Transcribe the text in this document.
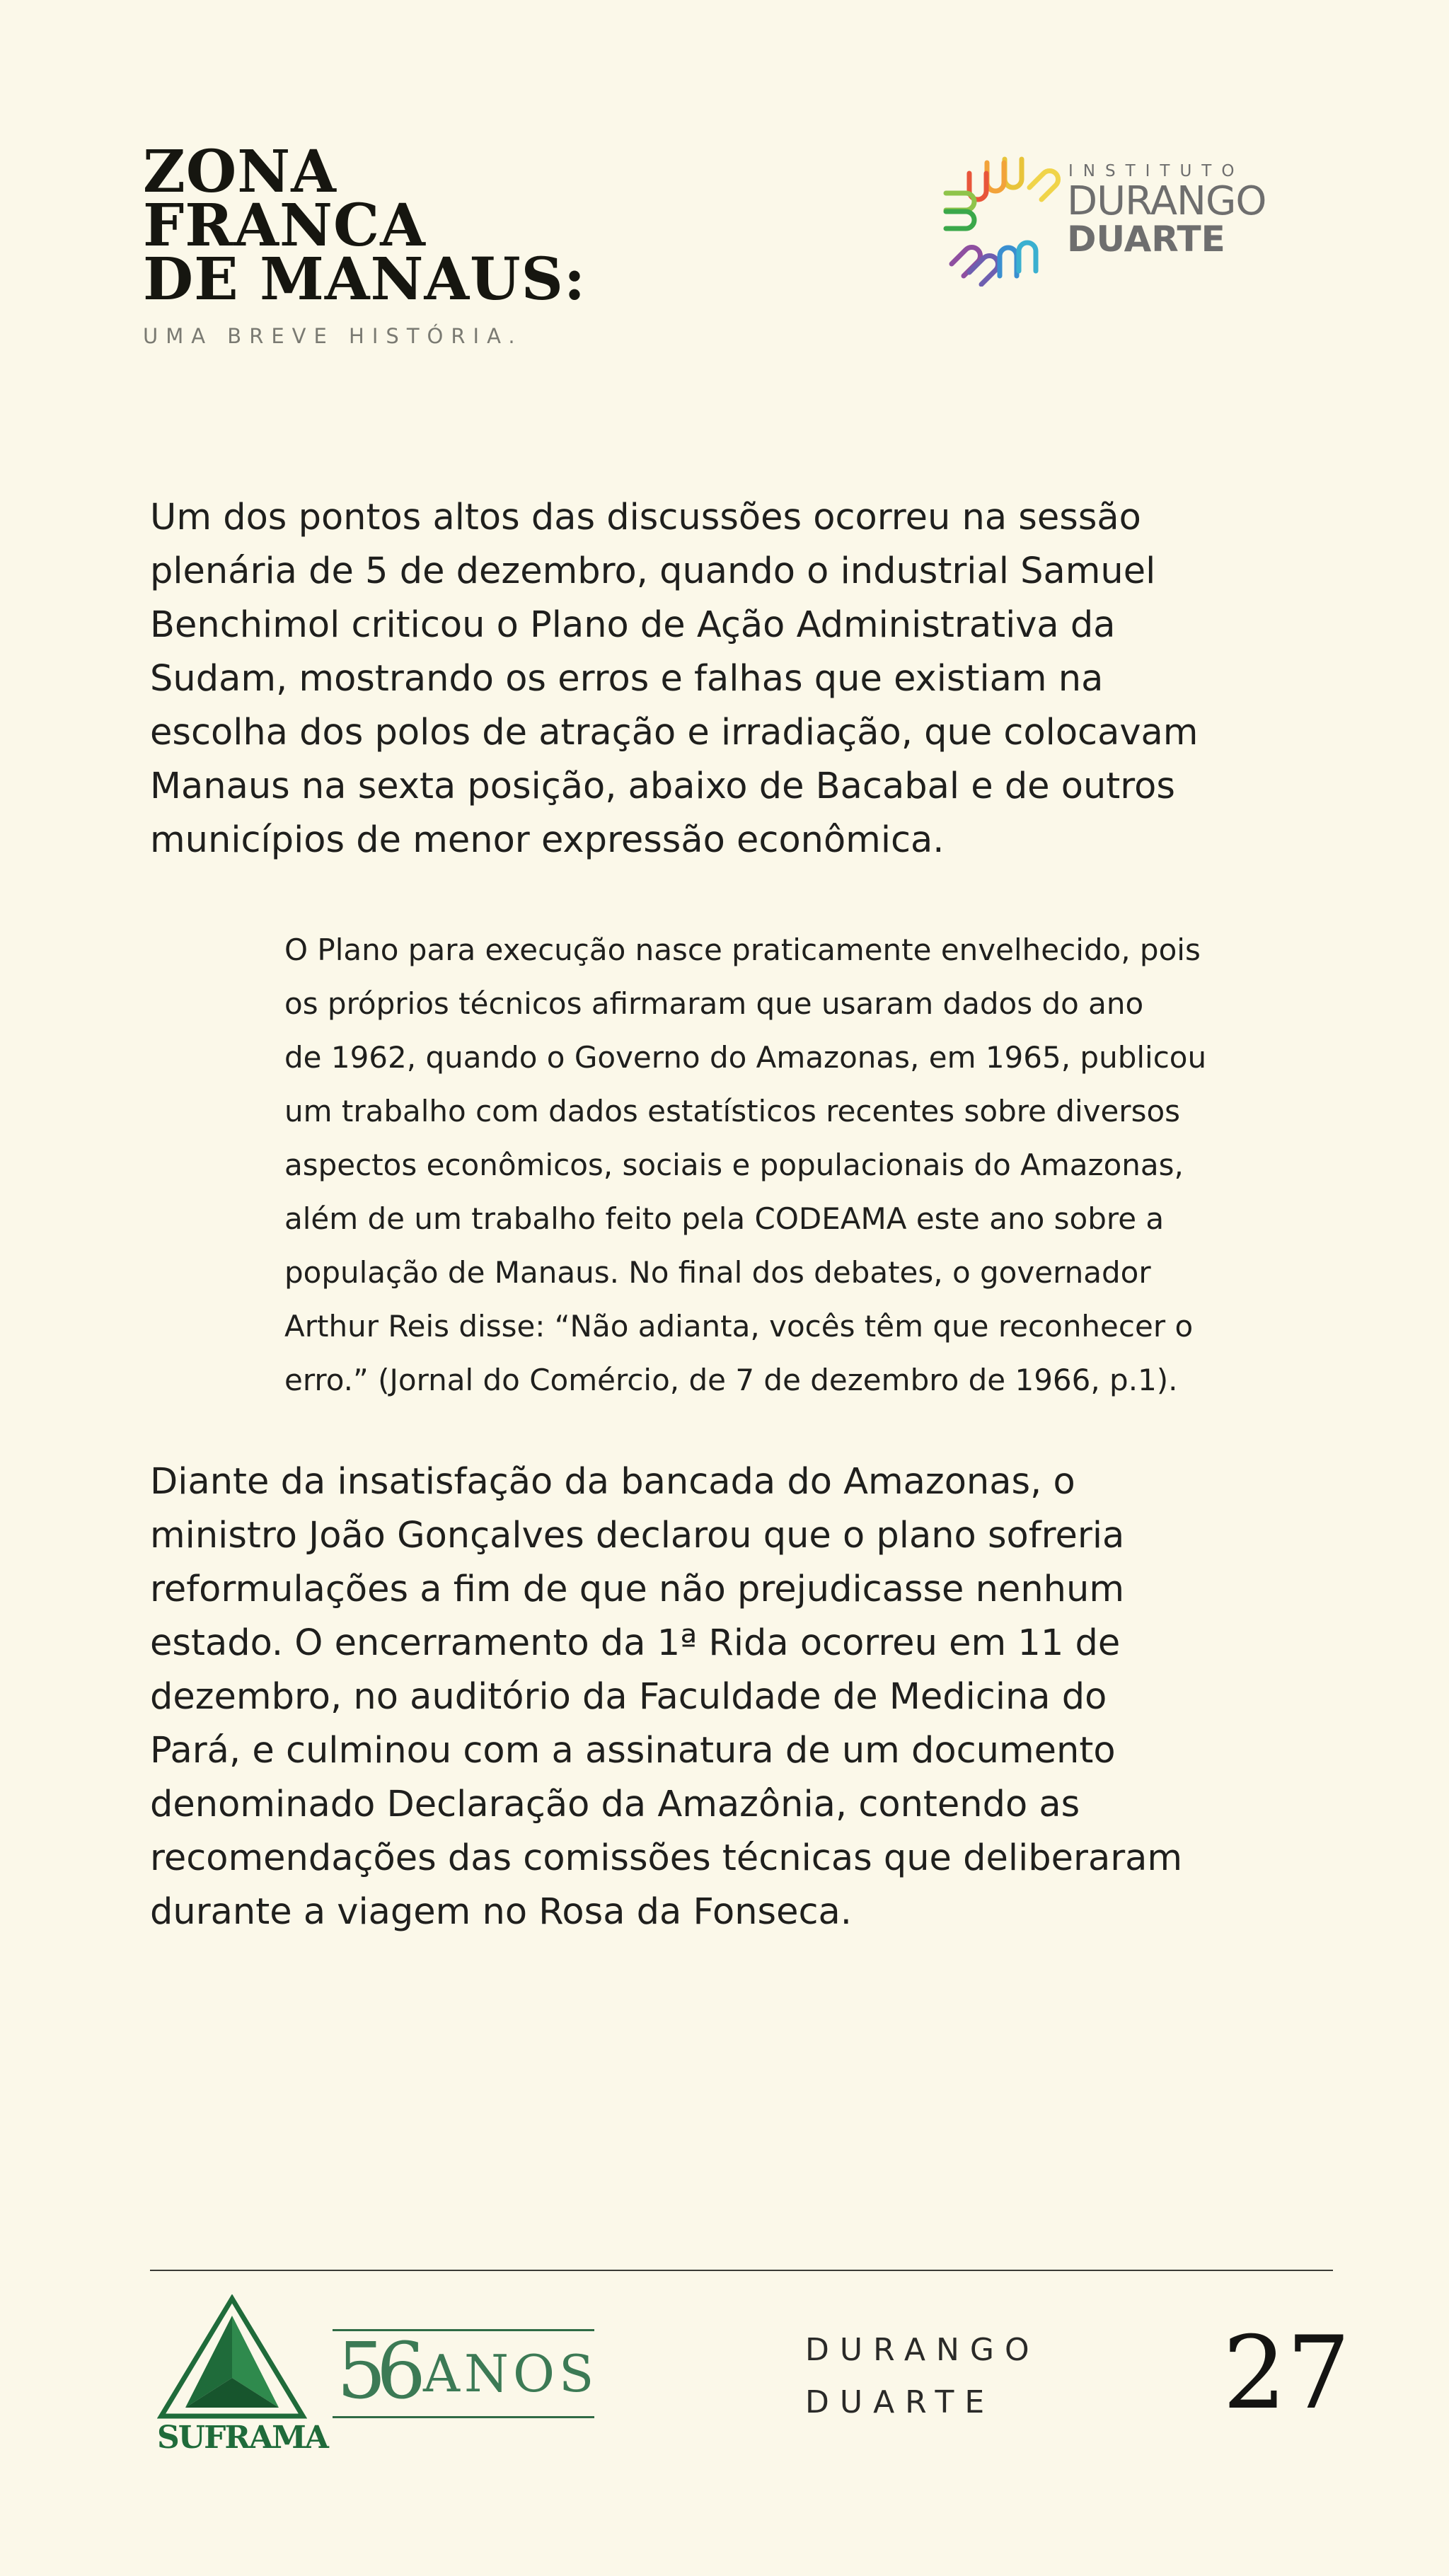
ZONA
FRANCA
DE MANAUS:
UMA BREVE HISTÓRIA.
INSTITUTO
DURANGO
DUARTE
Um dos pontos altos das discussões ocorreu na sessão
plenária de 5 de dezembro, quando o industrial Samuel
Benchimol criticou o Plano de Ação Administrativa da
Sudam, mostrando os erros e falhas que existiam na
escolha dos polos de atração e irradiação, que colocavam
Manaus na sexta posição, abaixo de Bacabal e de outros
municípios de menor expressão econômica.
O Plano para execução nasce praticamente envelhecido, pois
os próprios técnicos afirmaram que usaram dados do ano
de 1962, quando o Governo do Amazonas, em 1965, publicou
um trabalho com dados estatísticos recentes sobre diversos
aspectos econômicos, sociais e populacionais do Amazonas,
além de um trabalho feito pela CODEAMA este ano sobre a
população de Manaus. No final dos debates, o governador
Arthur Reis disse: “Não adianta, vocês têm que reconhecer o
erro.” (Jornal do Comércio, de 7 de dezembro de 1966, p.1).
Diante da insatisfação da bancada do Amazonas, o
ministro João Gonçalves declarou que o plano sofreria
reformulações a fim de que não prejudicasse nenhum
estado. O encerramento da 1ª Rida ocorreu em 11 de
dezembro, no auditório da Faculdade de Medicina do
Pará, e culminou com a assinatura de um documento
denominado Declaração da Amazônia, contendo as
recomendações das comissões técnicas que deliberaram
durante a viagem no Rosa da Fonseca.
SUFRAMA
56 ANOS	DURANGO
DUARTE	27
